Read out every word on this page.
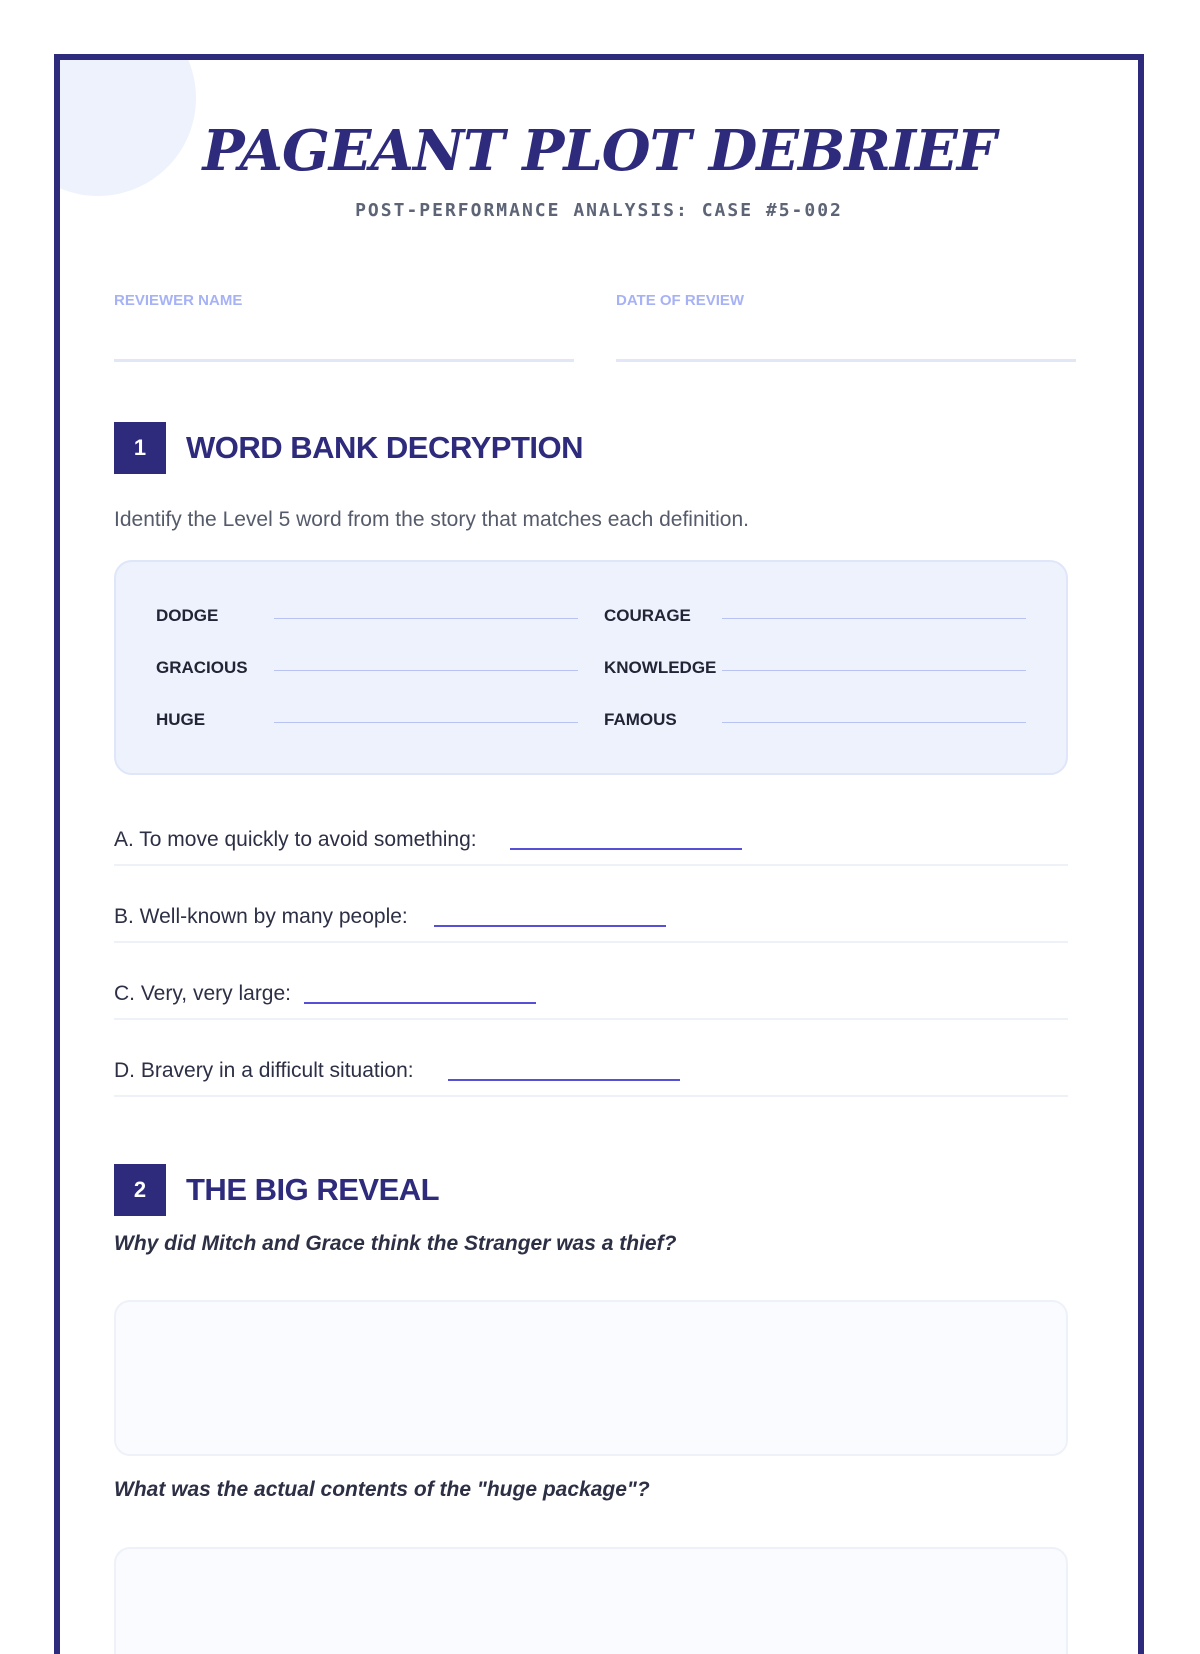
PAGEANT PLOT DEBRIEF
POST-PERFORMANCE ANALYSIS: CASE #5-002
REVIEWER NAME	DATE OF REVIEW
1	WORD BANK DECRYPTION
Identify the Level 5 word from the story that matches each definition.
DODGE	COURAGE
GRACIOUS	KNOWLEDGE
HUGE	FAMOUS
A. To move quickly to avoid something:
B. Well-known by many people:
C. Very, very large:
D. Bravery in a difficult situation:
2	THE BIG REVEAL
Why did Mitch and Grace think the Stranger was a thief?
What was the actual contents of the "huge package"?
